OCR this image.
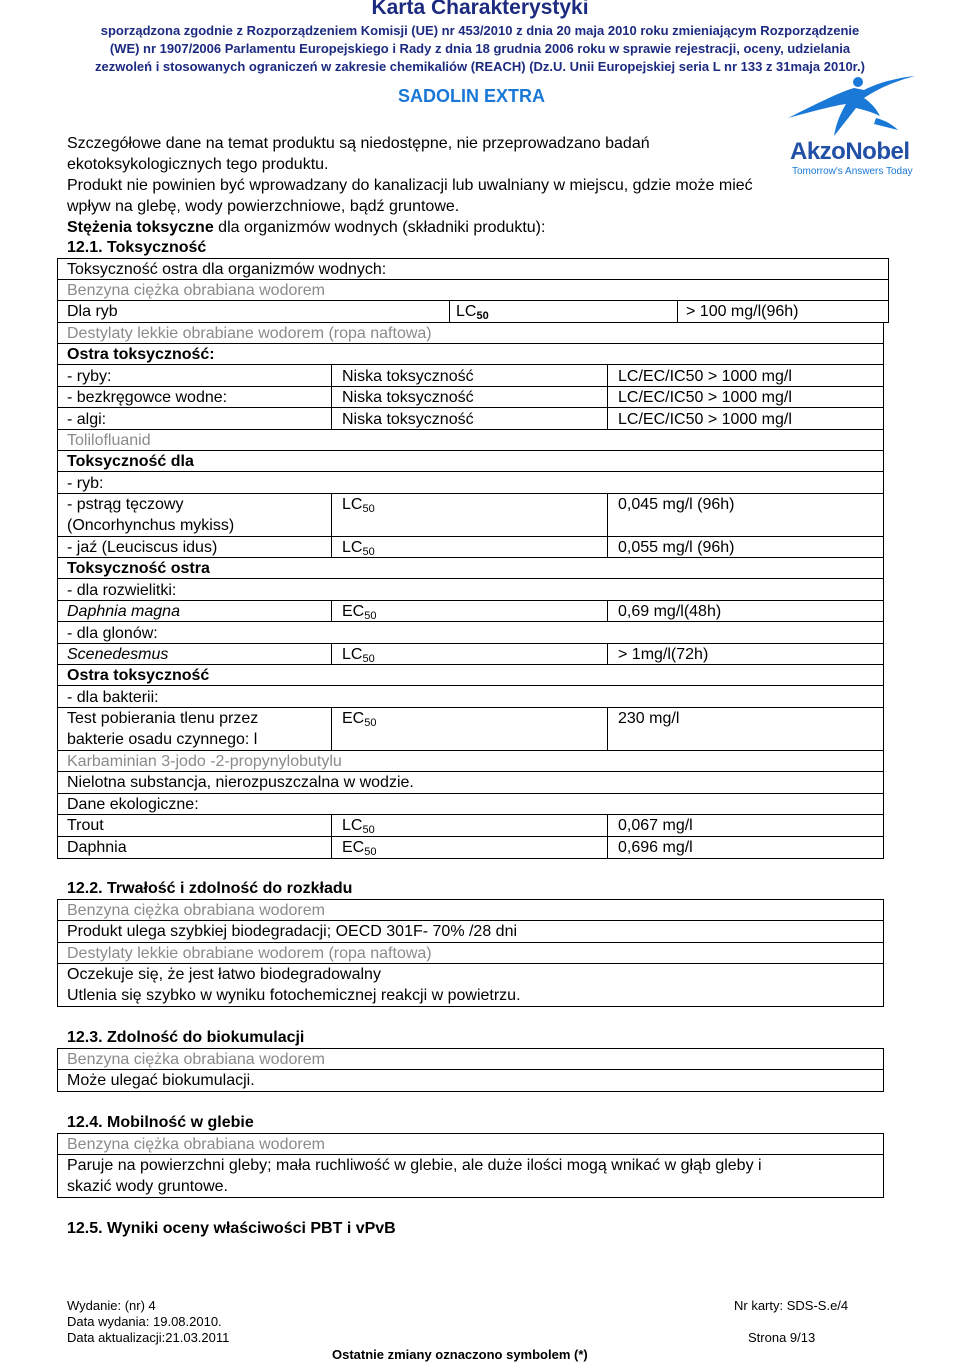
Karta Charakterystyki
sporządzona zgodnie z Rozporządzeniem Komisji (UE) nr 453/2010 z dnia 20 maja 2010 roku zmieniającym Rozporządzenie
(WE) nr 1907/2006 Parlamentu Europejskiego i Rady z dnia 18 grudnia 2006 roku w sprawie rejestracji, oceny, udzielania
zezwoleń i stosowanych ograniczeń w zakresie chemikaliów (REACH) (Dz.U. Unii Europejskiej seria L nr 133 z 31maja 2010r.)
SADOLIN EXTRA
AkzoNobel
Tomorrow's Answers Today
Szczegółowe dane na temat produktu są niedostępne, nie przeprowadzano badań
ekotoksykologicznych tego produktu.
Produkt nie powinien być wprowadzany do kanalizacji lub uwalniany w miejscu, gdzie może mieć
wpływ na glebę, wody powierzchniowe, bądź gruntowe.
Stężenia toksyczne dla organizmów wodnych (składniki produktu):
12.1. Toksyczność
Toksyczność ostra dla organizmów wodnych:
Benzyna ciężka obrabiana wodorem
Dla ryb	$LC_{50}$	> 100 mg/l(96h)
Destylaty lekkie obrabiane wodorem (ropa naftowa)
Ostra toksyczność:
- ryby:	Niska toksyczność	LC/EC/IC50 > 1000 mg/l
- bezkręgowce wodne:	Niska toksyczność	LC/EC/IC50 > 1000 mg/l
- algi:	Niska toksyczność	LC/EC/IC50 > 1000 mg/l
Tolilofluanid
Toksyczność dla
- ryb:
- pstrąg tęczowy
(Oncorhynchus mykiss)
$LC_{50}$	0,045 mg/l (96h)
- jaź (Leuciscus idus)	$LC_{50}$	0,055 mg/l (96h)
Toksyczność ostra
- dla rozwielitki:
Daphnia magna	$EC_{50}$	0,69 mg/l(48h)
- dla glonów:
Scenedesmus	$LC_{50}$	> 1mg/l(72h)
Ostra toksyczność
- dla bakterii:
Test pobierania tlenu przez
bakterie osadu czynnego: l
$EC_{50}$	230 mg/l
Karbaminian 3-jodo -2-propynylobutylu
Nielotna substancja, nierozpuszczalna w wodzie.
Dane ekologiczne:
Trout	$LC_{50}$	0,067 mg/l
Daphnia	$EC_{50}$	0,696 mg/l
12.2. Trwałość i zdolność do rozkładu
Benzyna ciężka obrabiana wodorem
Produkt ulega szybkiej biodegradacji; OECD 301F- 70% /28 dni
Destylaty lekkie obrabiane wodorem (ropa naftowa)
Oczekuje się, że jest łatwo biodegradowalny
Utlenia się szybko w wyniku fotochemicznej reakcji w powietrzu.
12.3. Zdolność do biokumulacji
Benzyna ciężka obrabiana wodorem
Może ulegać biokumulacji.
12.4. Mobilność w glebie
Benzyna ciężka obrabiana wodorem
Paruje na powierzchni gleby; mała ruchliwość w glebie, ale duże ilości mogą wnikać w głąb gleby i
skazić wody gruntowe.
12.5. Wyniki oceny właściwości PBT i vPvB
Wydanie: (nr) 4
Data wydania: 19.08.2010.
Data aktualizacji:21.03.2011
Nr karty: SDS-S.e/4
Strona 9/13
Ostatnie zmiany oznaczono symbolem (*)
